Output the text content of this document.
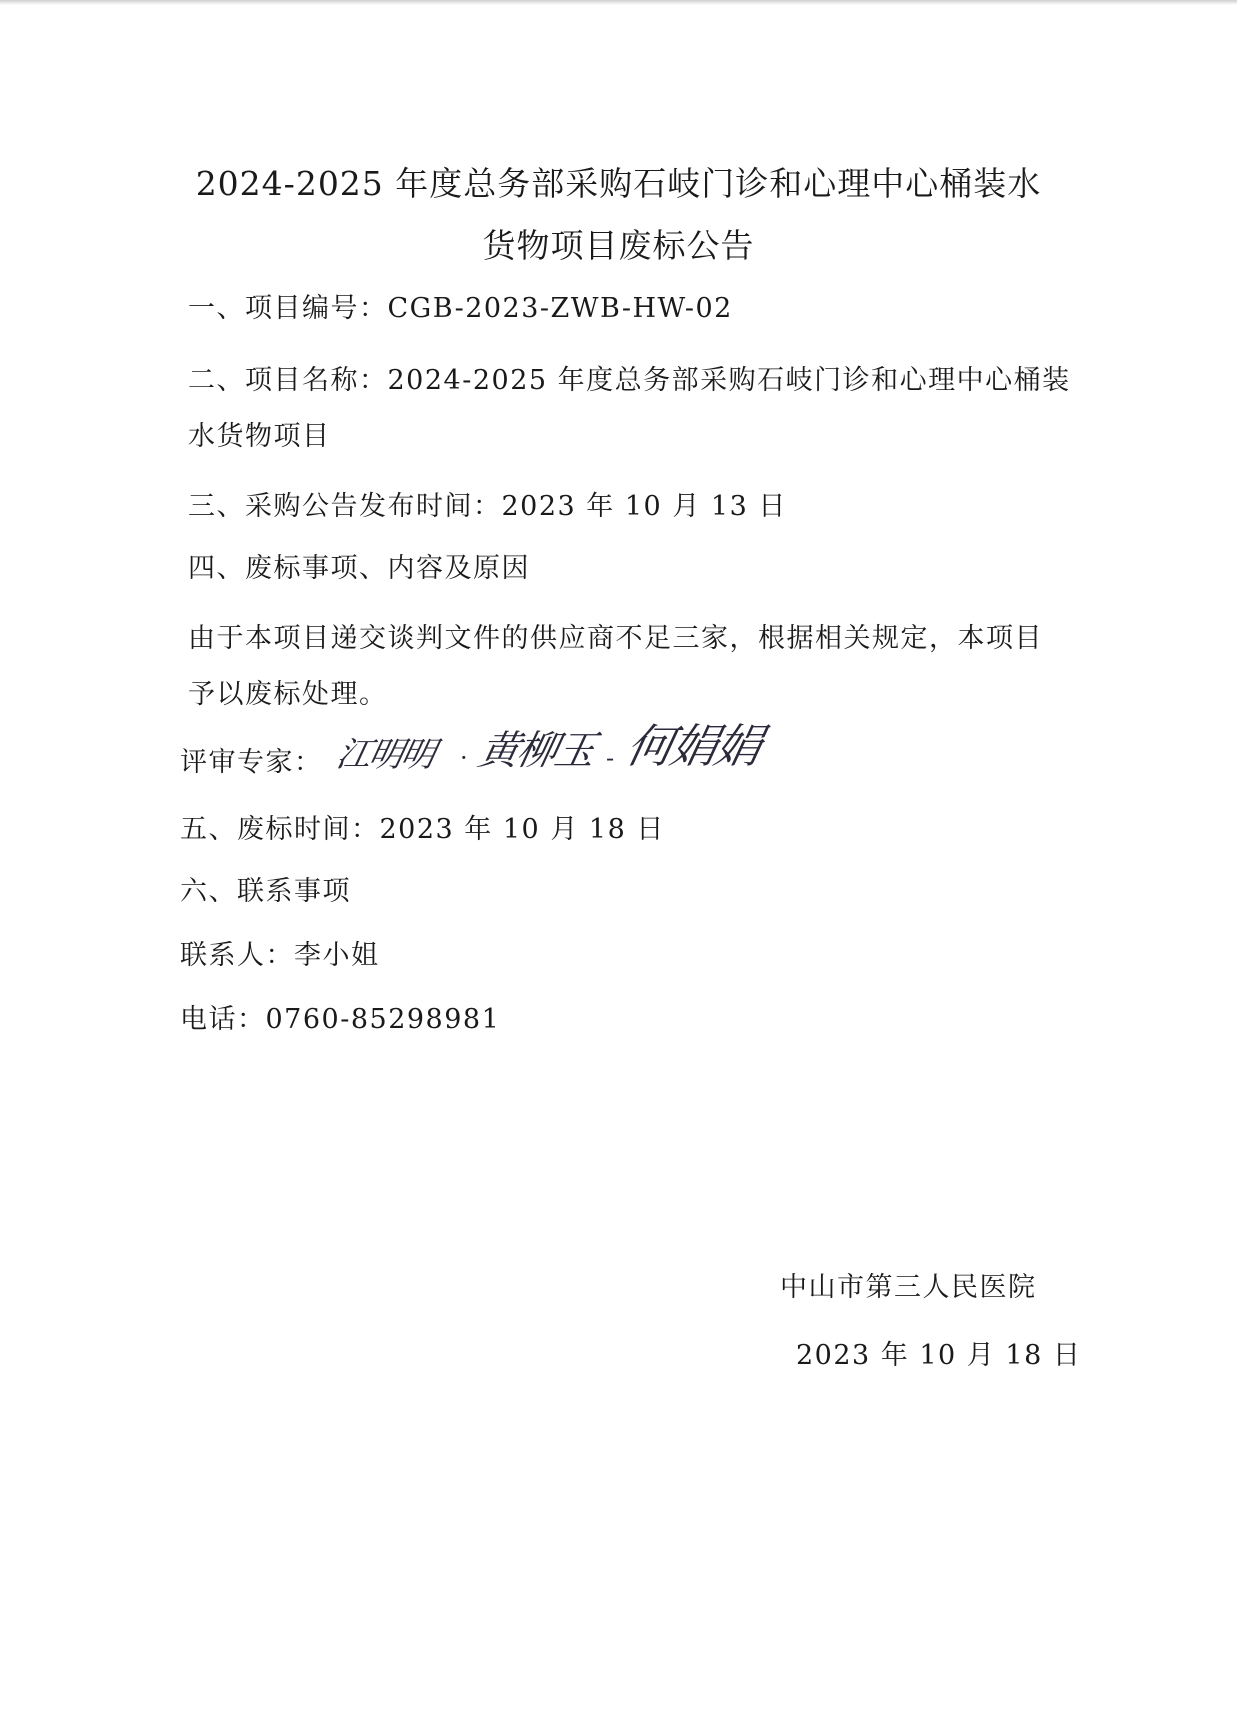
2024-2025 年度总务部采购石岐门诊和心理中心桶装水
货物项目废标公告
一、项目编号：CGB-2023-ZWB-HW-02
二、项目名称：2024-2025 年度总务部采购石岐门诊和心理中心桶装
水货物项目
三、采购公告发布时间：2023 年 10 月 13 日
四、废标事项、内容及原因
由于本项目递交谈判文件的供应商不足三家，根据相关规定，本项目
予以废标处理。
评审专家： 江明明 · 黄柳玉 - 何娟娟
五、废标时间：2023 年 10 月 18 日
六、联系事项
联系人：李小姐
电话：0760-85298981
中山市第三人民医院
2023 年 10 月 18 日
